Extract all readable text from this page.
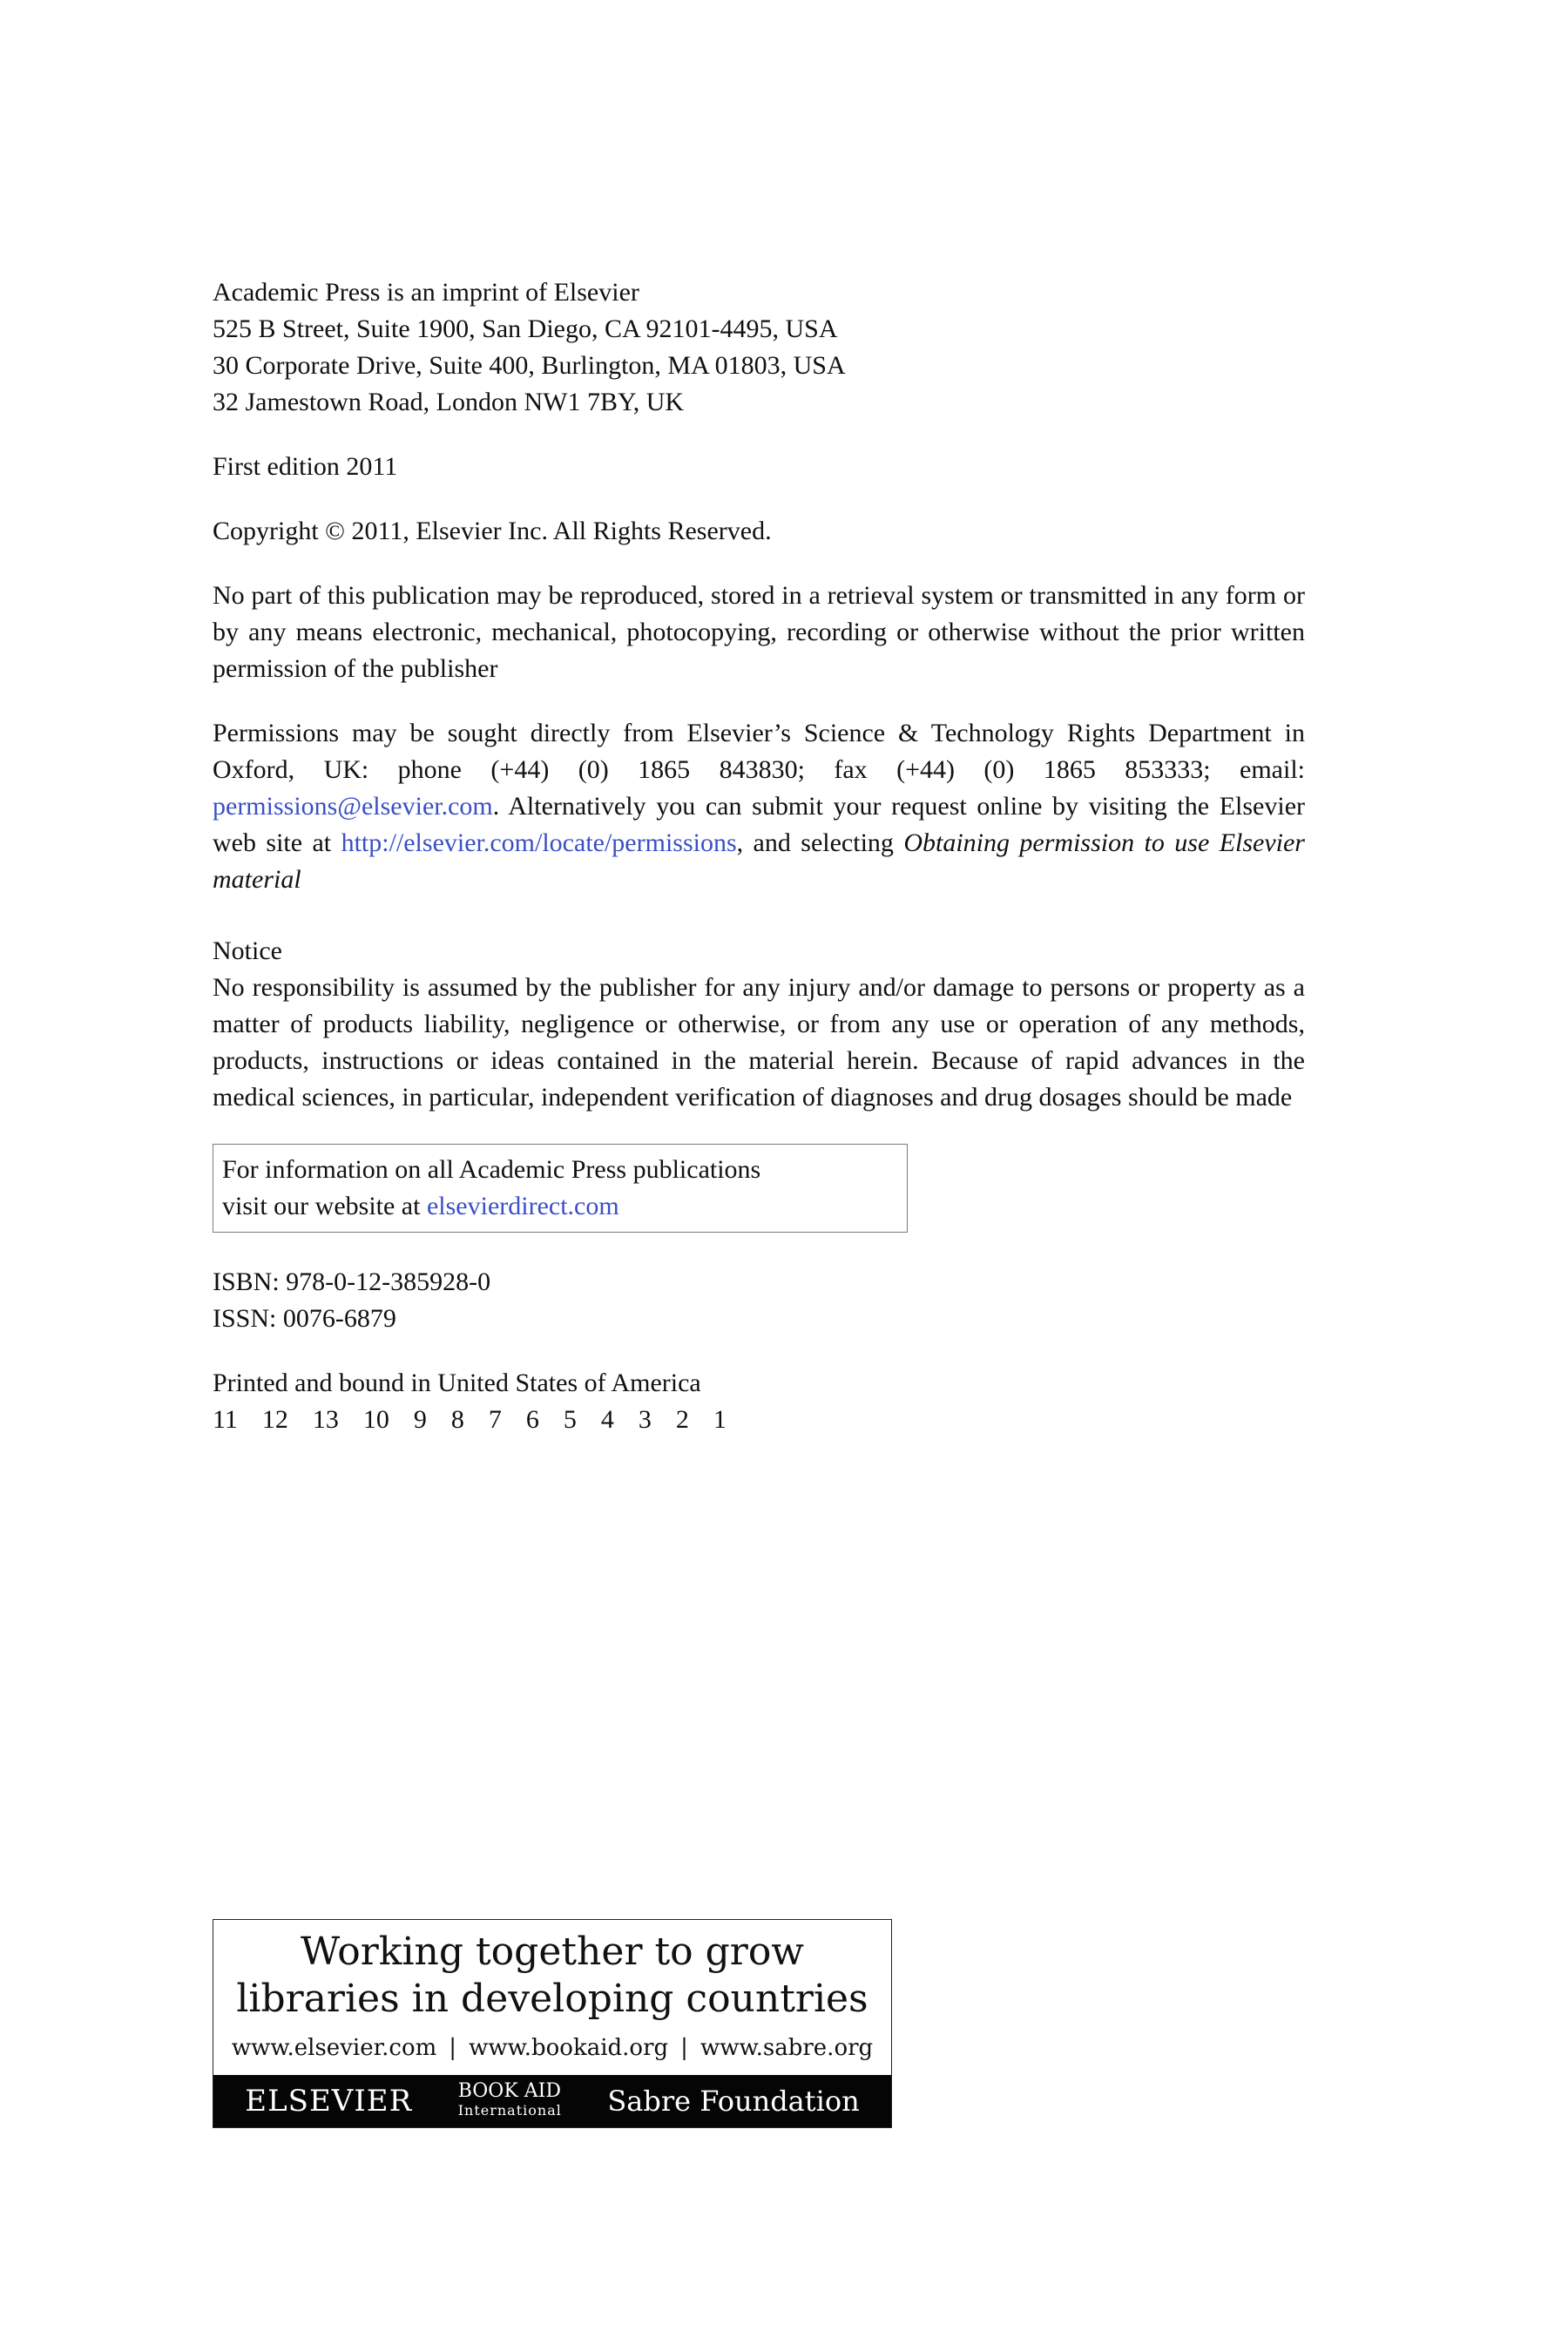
Academic Press is an imprint of Elsevier
525 B Street, Suite 1900, San Diego, CA 92101-4495, USA
30 Corporate Drive, Suite 400, Burlington, MA 01803, USA
32 Jamestown Road, London NW1 7BY, UK
First edition 2011
Copyright © 2011, Elsevier Inc. All Rights Reserved.
No part of this publication may be reproduced, stored in a retrieval system or transmitted in any form or by any means electronic, mechanical, photocopying, recording or otherwise without the prior written permission of the publisher
Permissions may be sought directly from Elsevier’s Science & Technology Rights Department in Oxford, UK: phone (+44) (0) 1865 843830; fax (+44) (0) 1865 853333; email: permissions@elsevier.com. Alternatively you can submit your request online by visiting the Elsevier web site at http://elsevier.com/locate/permissions, and selecting Obtaining permission to use Elsevier material
Notice
No responsibility is assumed by the publisher for any injury and/or damage to persons or property as a matter of products liability, negligence or otherwise, or from any use or operation of any methods, products, instructions or ideas contained in the material herein. Because of rapid advances in the medical sciences, in particular, independent verification of diagnoses and drug dosages should be made
For information on all Academic Press publications
visit our website at elsevierdirect.com
ISBN: 978-0-12-385928-0
ISSN: 0076-6879
Printed and bound in United States of America
11 12 13 10 9 8 7 6 5 4 3 2 1
Working together to grow
libraries in developing countries
www.elsevier.com | www.bookaid.org | www.sabre.org
ELSEVIER BOOK AID
International Sabre Foundation
